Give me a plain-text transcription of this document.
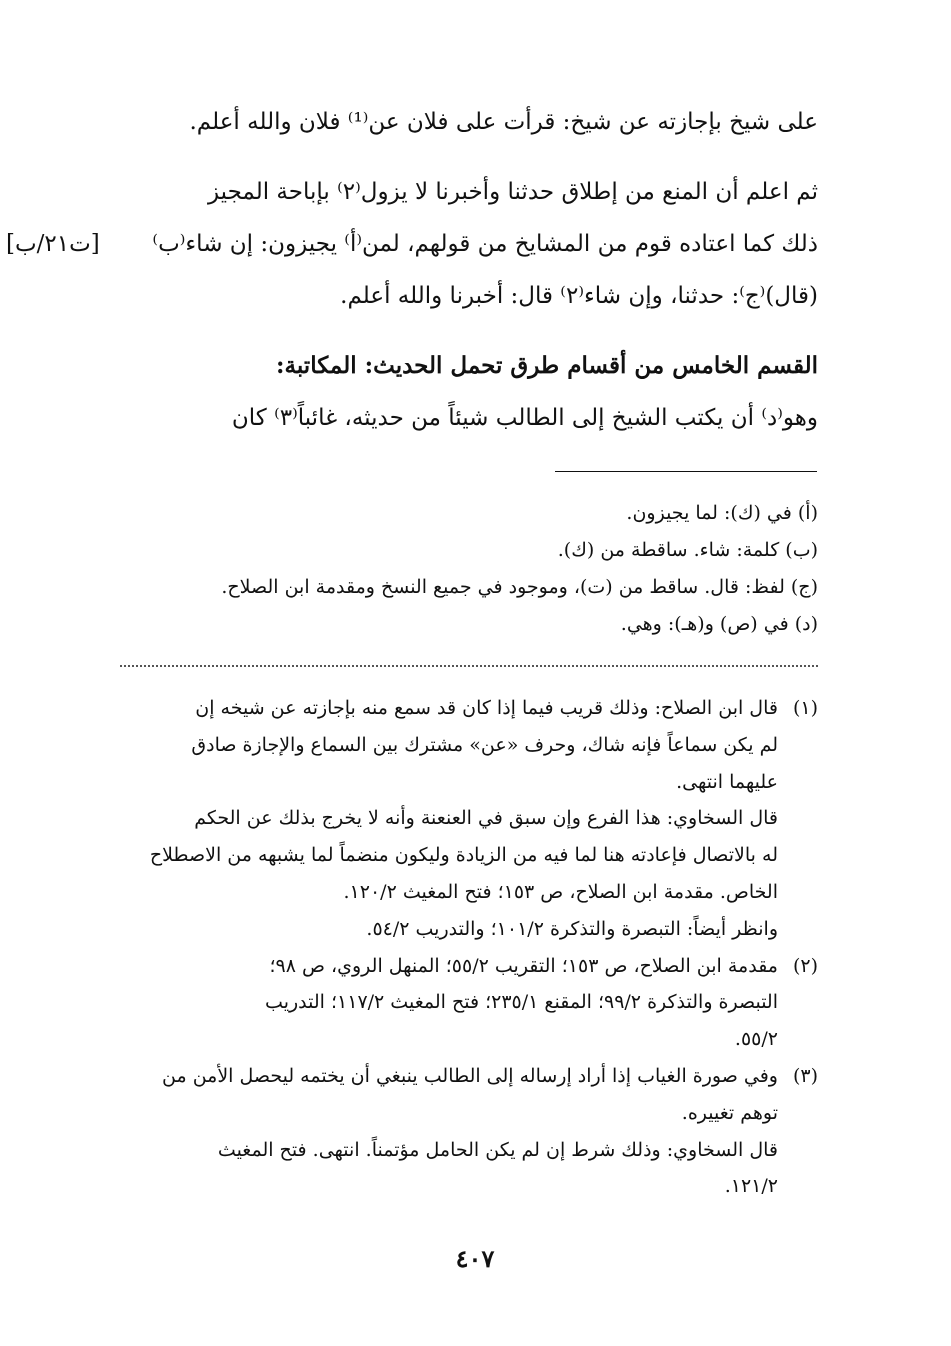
على شيخ بإجازته عن شيخ: قرأت على فلان عن⁽¹⁾ فلان والله أعلم.
ثم اعلم أن المنع من إطلاق حدثنا وأخبرنا لا يزول⁽٢⁾ بإباحة المجيز
ذلك كما اعتاده قوم من المشايخ من قولهم، لمن⁽أ⁾ يجيزون: إن شاء⁽ب⁾
(قال)⁽ج⁾: حدثنا، وإن شاء⁽٢⁾ قال: أخبرنا والله أعلم.
القسم الخامس من أقسام طرق تحمل الحديث: المكاتبة:
وهو⁽د⁾ أن يكتب الشيخ إلى الطالب شيئاً من حديثه، غائباً⁽٣⁾ كان
[ت٢١/ب]
(أ) في (ك): لما يجيزون.
(ب) كلمة: شاء. ساقطة من (ك).
(ج) لفظ: قال. ساقط من (ت)، وموجود في جميع النسخ ومقدمة ابن الصلاح.
(د) في (ص) و(هـ): وهي.
(١)
قال ابن الصلاح: وذلك قريب فيما إذا كان قد سمع منه بإجازته عن شيخه إن
لم يكن سماعاً فإنه شاك، وحرف «عن» مشترك بين السماع والإجازة صادق
عليهما انتهى.
قال السخاوي: هذا الفرع وإن سبق في العنعنة وأنه لا يخرج بذلك عن الحكم
له بالاتصال فإعادته هنا لما فيه من الزيادة وليكون منضماً لما يشبهه من الاصطلاح
الخاص. مقدمة ابن الصلاح، ص ١٥٣؛ فتح المغيث ١٢٠/٢.
وانظر أيضاً: التبصرة والتذكرة ١٠١/٢؛ والتدريب ٥٤/٢.
(٢)
مقدمة ابن الصلاح، ص ١٥٣؛ التقريب ٥٥/٢؛ المنهل الروي، ص ٩٨؛
التبصرة والتذكرة ٩٩/٢؛ المقنع ٢٣٥/١؛ فتح المغيث ١١٧/٢؛ التدريب
٥٥/٢.
(٣)
وفي صورة الغياب إذا أراد إرساله إلى الطالب ينبغي أن يختمه ليحصل الأمن من
توهم تغييره.
قال السخاوي: وذلك شرط إن لم يكن الحامل مؤتمناً. انتهى. فتح المغيث
١٢١/٢.
٤٠٧
